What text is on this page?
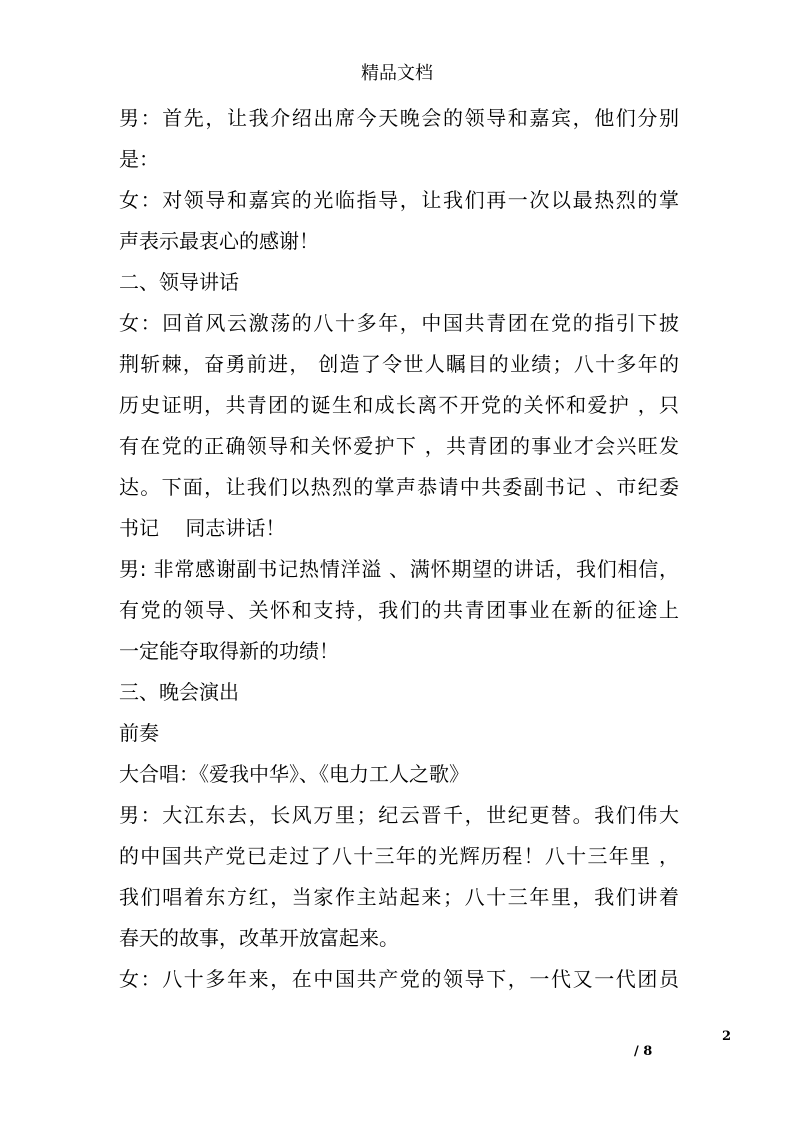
精品文档
男：首先，让我介绍出席今天晚会的领导和嘉宾，他们分别
是：
女：对领导和嘉宾的光临指导，让我们再一次以最热烈的掌
声表示最衷心的感谢！
二、领导讲话
女：回首风云激荡的八十多年，中国共青团在党的指引下披
荆斩棘，奋勇前进， 创造了令世人瞩目的业绩；八十多年的
历史证明，共青团的诞生和成长离不开党的关怀和爱护 ，只
有在党的正确领导和关怀爱护下 ，共青团的事业才会兴旺发
达。下面，让我们以热烈的掌声恭请中共委副书记 、市纪委
书记　 同志讲话！
男: 非常感谢副书记热情洋溢 、满怀期望的讲话，我们相信，
有党的领导、关怀和支持，我们的共青团事业在新的征途上
一定能夺取得新的功绩！
三、晚会演出
前奏
大合唱：《爱我中华》、《电力工人之歌》
男：大江东去，长风万里；纪云晋千，世纪更替。我们伟大
的中国共产党已走过了八十三年的光辉历程！八十三年里 ，
我们唱着东方红，当家作主站起来；八十三年里，我们讲着
春天的故事，改革开放富起来。
女：八十多年来，在中国共产党的领导下，一代又一代团员
2
/ 8
